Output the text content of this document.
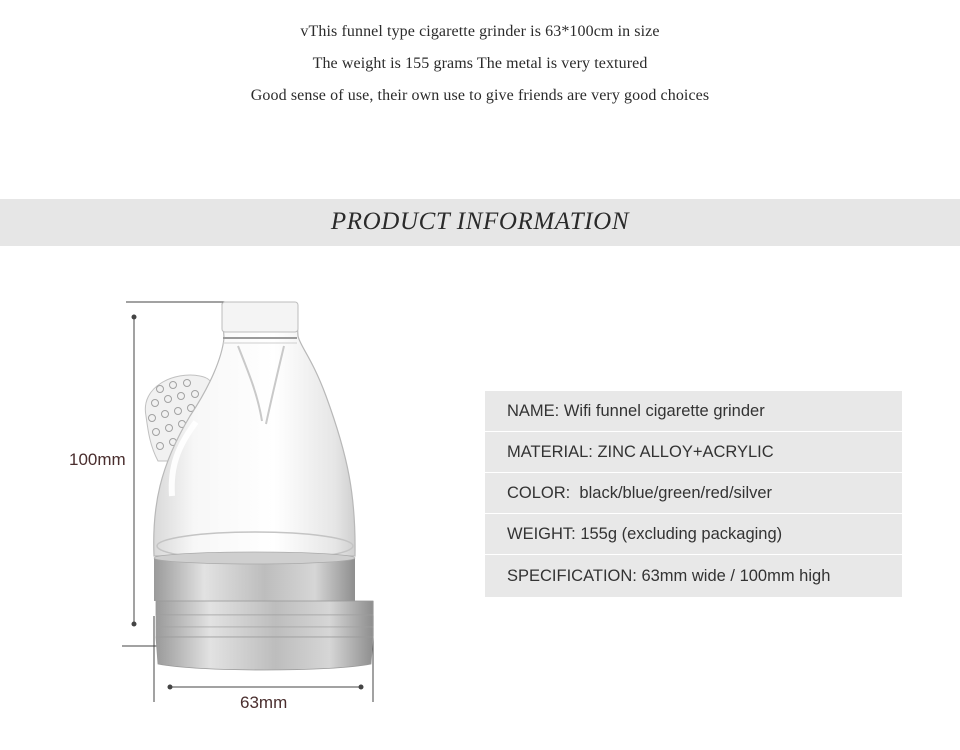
vThis funnel type cigarette grinder is 63*100cm in size

The weight is 155 grams The metal is very textured

Good sense of use, their own use to give friends are very good choices

PRODUCT INFORMATION
100mm
63mm
NAME: Wifi funnel cigarette grinder
MATERIAL: ZINC ALLOY+ACRYLIC
COLOR:  black/blue/green/red/silver
WEIGHT: 155g (excluding packaging)
SPECIFICATION: 63mm wide / 100mm high
